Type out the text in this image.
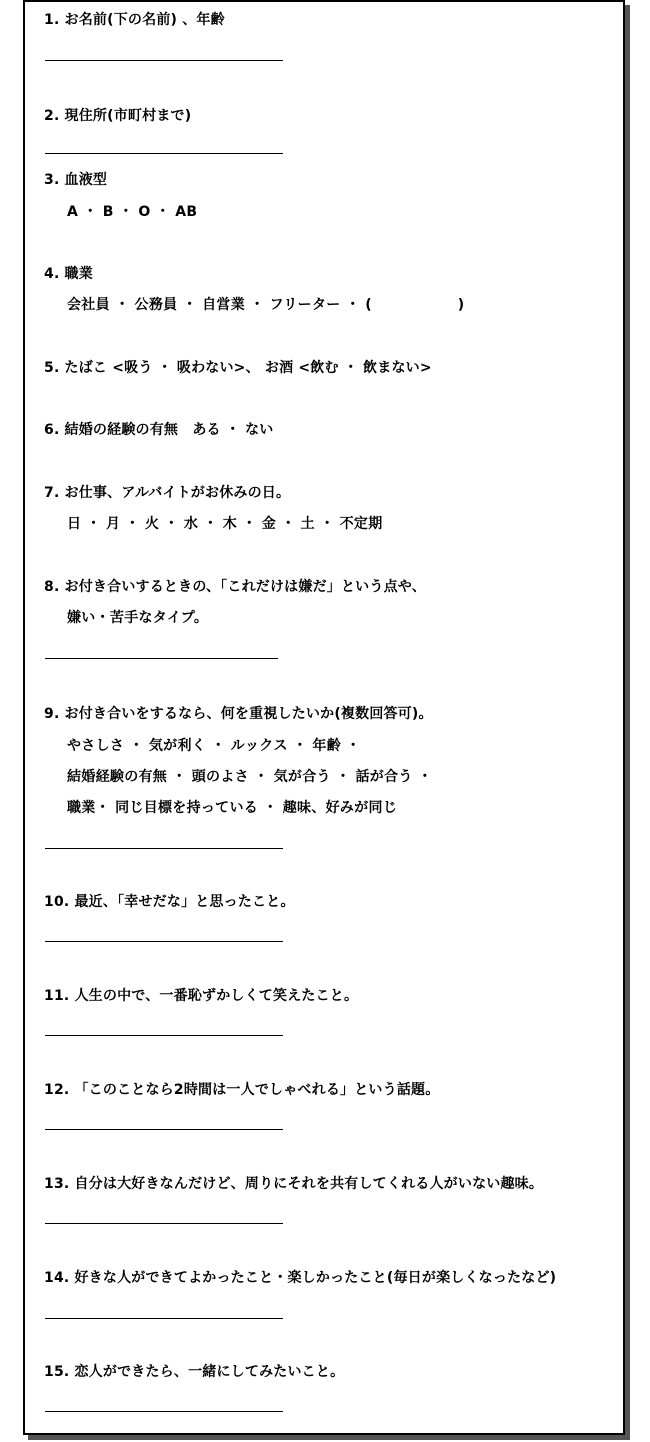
1. お名前(下の名前) 、年齢
2. 現住所(市町村まで)
3. 血液型
A ・ B ・ O ・ AB
4. 職業
会社員 ・ 公務員 ・ 自営業 ・ フリーター ・ (　　　　　　)
5. たばこ <吸う ・ 吸わない>、 お酒 <飲む ・ 飲まない>
6. 結婚の経験の有無　ある ・ ない
7. お仕事、アルバイトがお休みの日。
日 ・ 月 ・ 火 ・ 水 ・ 木 ・ 金 ・ 土 ・ 不定期
8. お付き合いするときの、「これだけは嫌だ」という点や、
嫌い・苦手なタイプ。
9. お付き合いをするなら、何を重視したいか(複数回答可)。
やさしさ ・ 気が利く ・ ルックス ・ 年齢 ・
結婚経験の有無 ・ 頭のよさ ・ 気が合う ・ 話が合う ・
職業・ 同じ目標を持っている ・ 趣味、好みが同じ
10. 最近、「幸せだな」と思ったこと。
11. 人生の中で、一番恥ずかしくて笑えたこと。
12. 「このことなら2時間は一人でしゃべれる」という話題。
13. 自分は大好きなんだけど、周りにそれを共有してくれる人がいない趣味。
14. 好きな人ができてよかったこと・楽しかったこと(毎日が楽しくなったなど)
15. 恋人ができたら、一緒にしてみたいこと。
